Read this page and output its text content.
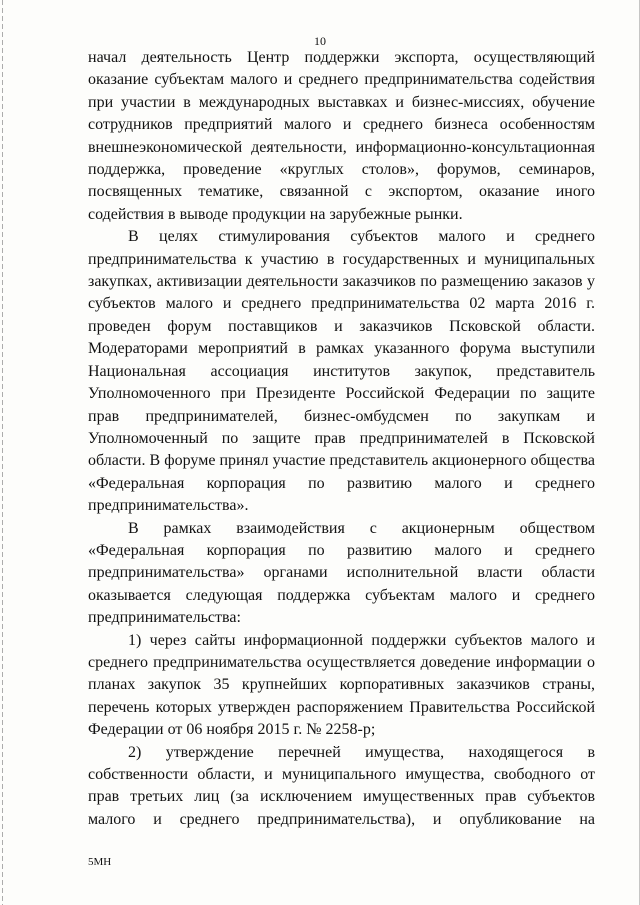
10
начал деятельность Центр поддержки экспорта, осуществляющий
оказание субъектам малого и среднего предпринимательства содействия
при участии в международных выставках и бизнес-миссиях, обучение
сотрудников предприятий малого и среднего бизнеса особенностям
внешнеэкономической деятельности, информационно-консультационная
поддержка, проведение «круглых столов», форумов, семинаров,
посвященных тематике, связанной с экспортом, оказание иного
содействия в выводе продукции на зарубежные рынки.
В целях стимулирования субъектов малого и среднего
предпринимательства к участию в государственных и муниципальных
закупках, активизации деятельности заказчиков по размещению заказов у
субъектов малого и среднего предпринимательства 02 марта 2016 г.
проведен форум поставщиков и заказчиков Псковской области.
Модераторами мероприятий в рамках указанного форума выступили
Национальная ассоциация институтов закупок, представитель
Уполномоченного при Президенте Российской Федерации по защите
прав предпринимателей, бизнес-омбудсмен по закупкам и
Уполномоченный по защите прав предпринимателей в Псковской
области. В форуме принял участие представитель акционерного общества
«Федеральная корпорация по развитию малого и среднего
предпринимательства».
В рамках взаимодействия с акционерным обществом
«Федеральная корпорация по развитию малого и среднего
предпринимательства» органами исполнительной власти области
оказывается следующая поддержка субъектам малого и среднего
предпринимательства:
1) через сайты информационной поддержки субъектов малого и
среднего предпринимательства осуществляется доведение информации о
планах закупок 35 крупнейших корпоративных заказчиков страны,
перечень которых утвержден распоряжением Правительства Российской
Федерации от 06 ноября 2015 г. № 2258-р;
2) утверждение перечней имущества, находящегося в
собственности области, и муниципального имущества, свободного от
прав третьих лиц (за исключением имущественных прав субъектов
малого и среднего предпринимательства), и опубликование на
5МН
